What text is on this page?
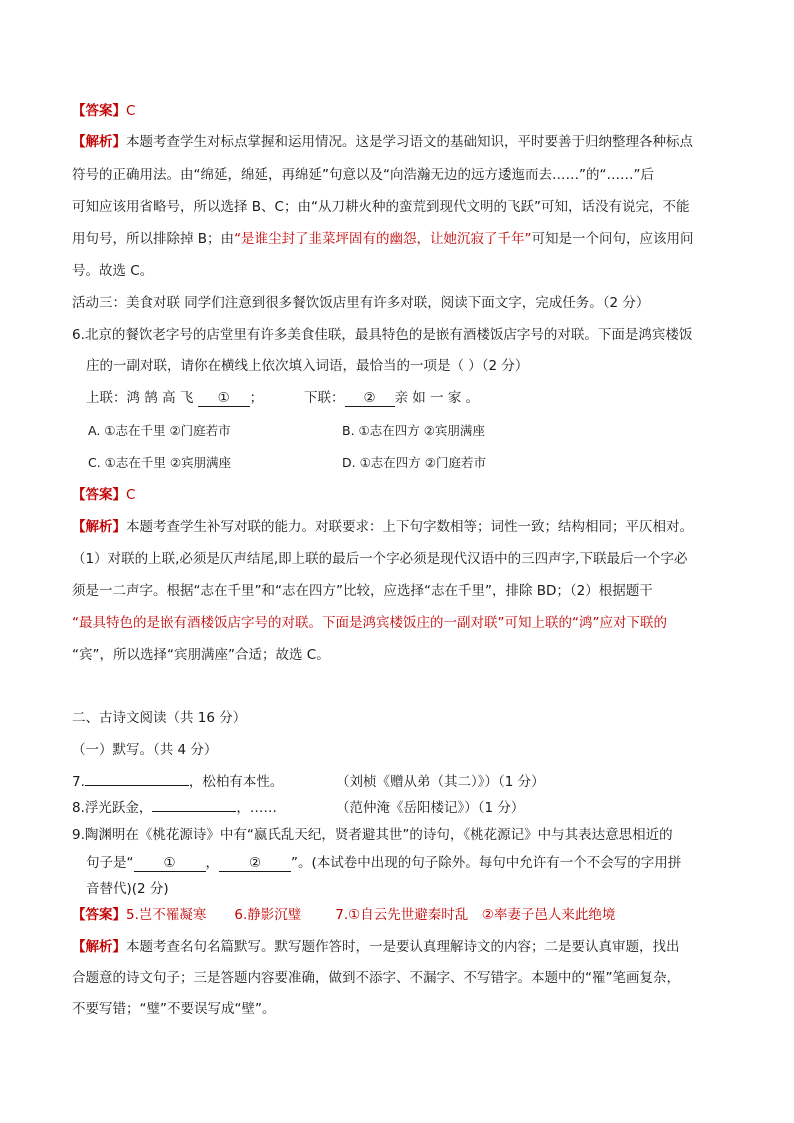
【答案】C
【解析】本题考查学生对标点掌握和运用情况。这是学习语文的基础知识，平时要善于归纳整理各种标点
符号的正确用法。由“绵延，绵延，再绵延”句意以及“向浩瀚无边的远方逶迤而去……”的“……”后
可知应该用省略号，所以选择 B、C；由“从刀耕火种的蛮荒到现代文明的飞跃”可知，话没有说完，不能
用句号，所以排除掉 B；由“是谁尘封了韭菜坪固有的幽怨，让她沉寂了千年”可知是一个问句，应该用问
号。故选 C。
活动三：美食对联 同学们注意到很多餐饮饭店里有许多对联，阅读下面文字，完成任务。（2 分）
6.北京的餐饮老字号的店堂里有许多美食佳联，最具特色的是嵌有酒楼饭店字号的对联。下面是鸿宾楼饭
庄的一副对联，请你在横线上依次填入词语，最恰当的一项是（ ）（2 分）
上联：鸿 鹄 高 飞 ① ；	下联： ② 亲 如 一 家 。
A. ①志在千里 ②门庭若市	B. ①志在四方 ②宾朋满座
C. ①志在千里 ②宾朋满座	D. ①志在四方 ②门庭若市
【答案】C
【解析】本题考查学生补写对联的能力。对联要求：上下句字数相等；词性一致；结构相同；平仄相对。
（1）对联的上联,必须是仄声结尾,即上联的最后一个字必须是现代汉语中的三四声字,下联最后一个字必
须是一二声字。根据“志在千里”和“志在四方”比较，应选择“志在千里”，排除 BD；（2）根据题干
“最具特色的是嵌有酒楼饭店字号的对联。下面是鸿宾楼饭庄的一副对联”可知上联的“鸿”应对下联的
“宾”，所以选择“宾朋满座”合适；故选 C。
二、古诗文阅读（共 16 分）
（一）默写。（共 4 分）
7.	，松柏有本性。	（刘桢《赠从弟（其二）》）（1 分）
8.浮光跃金，	，……	（范仲淹《岳阳楼记》）（1 分）
9.陶渊明在《桃花源诗》中有“嬴氏乱天纪，贤者避其世”的诗句，《桃花源记》中与其表达意思相近的
句子是“ ① ， ② ”。(本试卷中出现的句子除外。每句中允许有一个不会写的字用拼
音替代)(2 分)
【答案】5.岂不罹凝寒 6.静影沉璧	7.①自云先世避秦时乱　②率妻子邑人来此绝境
【解析】本题考查名句名篇默写。默写题作答时，一是要认真理解诗文的内容；二是要认真审题，找出
合题意的诗文句子；三是答题内容要准确，做到不添字、不漏字、不写错字。本题中的“罹”笔画复杂，
不要写错；“璧”不要误写成“壁”。
